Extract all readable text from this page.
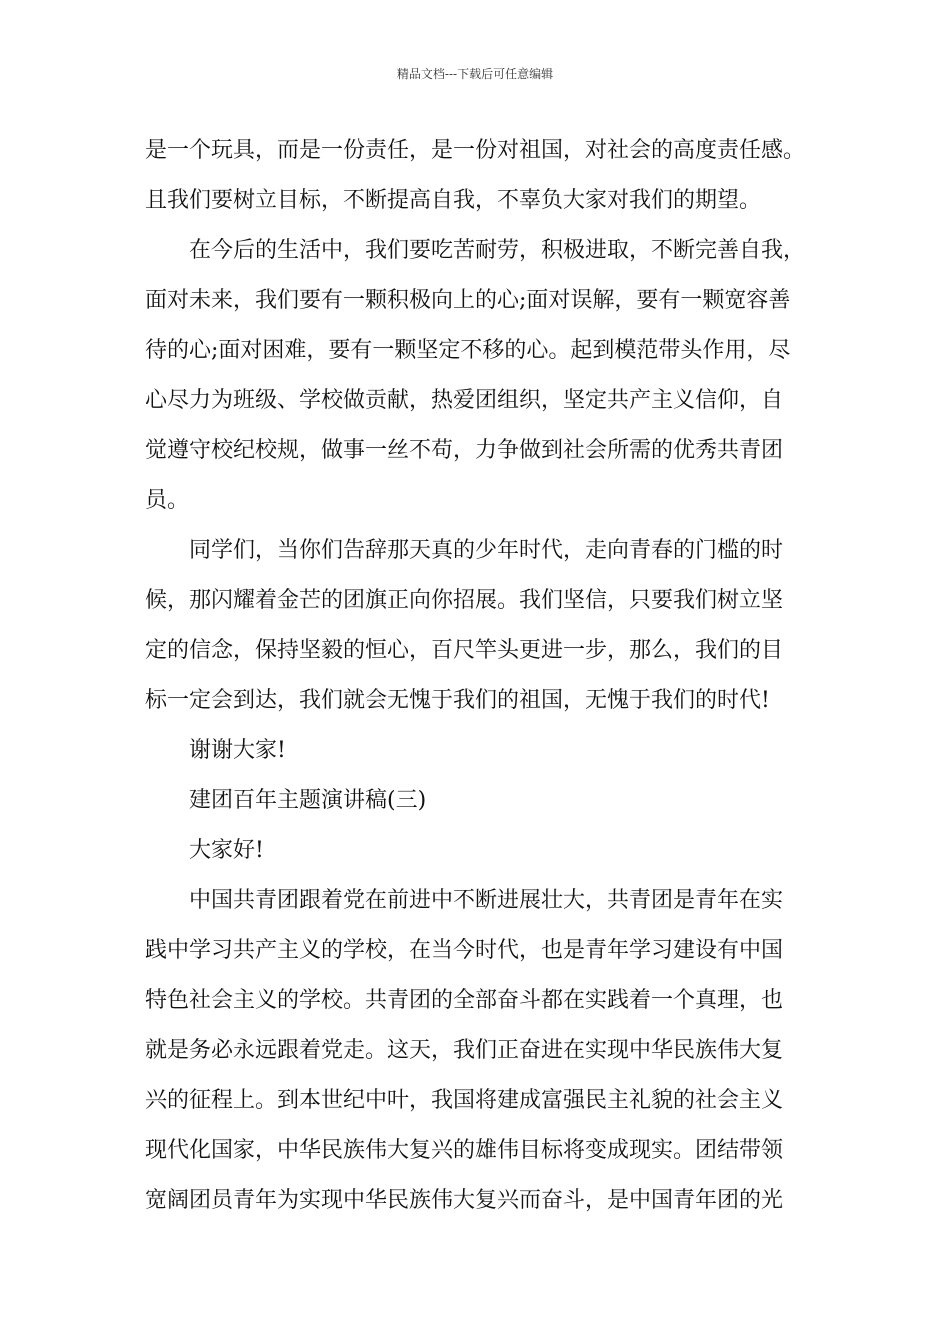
精品文档---下载后可任意编辑
是一个玩具，而是一份责任，是一份对祖国，对社会的高度责任感。
且我们要树立目标，不断提高自我，不辜负大家对我们的期望。
在今后的生活中，我们要吃苦耐劳，积极进取，不断完善自我，
面对未来，我们要有一颗积极向上的心;面对误解，要有一颗宽容善
待的心;面对困难，要有一颗坚定不移的心。起到模范带头作用，尽
心尽力为班级、学校做贡献，热爱团组织，坚定共产主义信仰，自
觉遵守校纪校规，做事一丝不苟，力争做到社会所需的优秀共青团
员。
同学们，当你们告辞那天真的少年时代，走向青春的门槛的时
候，那闪耀着金芒的团旗正向你招展。我们坚信，只要我们树立坚
定的信念，保持坚毅的恒心，百尺竿头更进一步，那么，我们的目
标一定会到达，我们就会无愧于我们的祖国，无愧于我们的时代!
谢谢大家!
建团百年主题演讲稿(三)
大家好!
中国共青团跟着党在前进中不断进展壮大，共青团是青年在实
践中学习共产主义的学校，在当今时代，也是青年学习建设有中国
特色社会主义的学校。共青团的全部奋斗都在实践着一个真理，也
就是务必永远跟着党走。这天，我们正奋进在实现中华民族伟大复
兴的征程上。到本世纪中叶，我国将建成富强民主礼貌的社会主义
现代化国家，中华民族伟大复兴的雄伟目标将变成现实。团结带领
宽阔团员青年为实现中华民族伟大复兴而奋斗，是中国青年团的光
